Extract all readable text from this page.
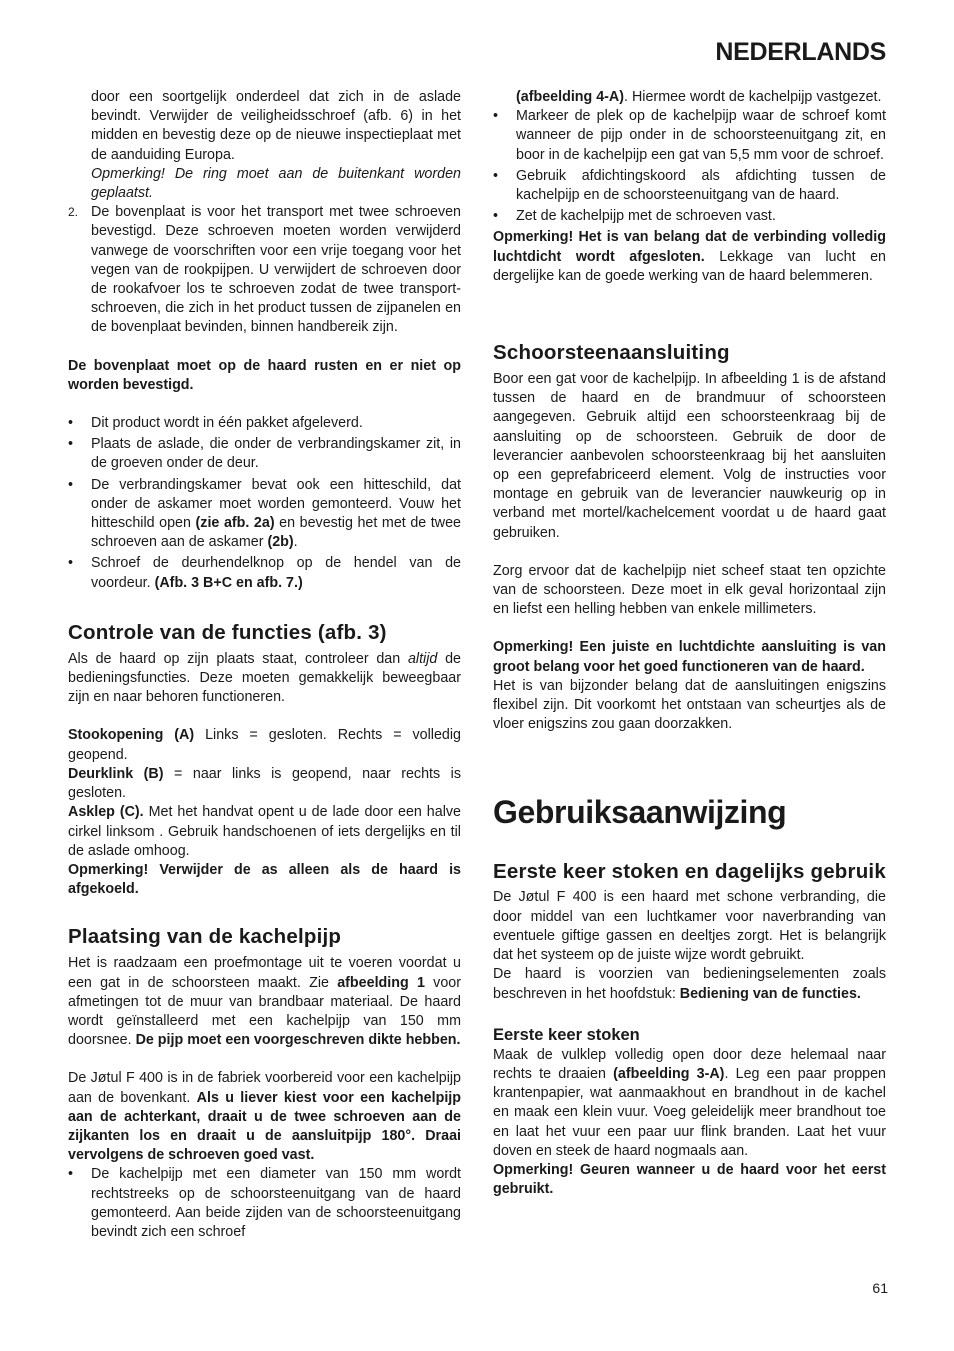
NEDERLANDS

door een soortgelijk onderdeel dat zich in de aslade bevindt. Verwijder de veiligheidsschroef (afb. 6) in het midden en bevestig deze op de nieuwe inspectieplaat met de aanduiding Europa.

Opmerking! De ring moet aan de buitenkant worden geplaatst.

2. De bovenplaat is voor het transport met twee schroeven bevestigd. Deze schroeven moeten worden verwijderd vanwege de voorschriften voor een vrije toegang voor het vegen van de rookpijpen. U verwijdert de schroeven door de rookafvoer los te schroeven zodat de twee transport-schroeven, die zich in het product tussen de zijpanelen en de bovenplaat bevinden, binnen handbereik zijn.

De bovenplaat moet op de haard rusten en er niet op worden bevestigd.

• Dit product wordt in één pakket afgeleverd.
• Plaats de aslade, die onder de verbrandingskamer zit, in de groeven onder de deur.
• De verbrandingskamer bevat ook een hitteschild, dat onder de askamer moet worden gemonteerd. Vouw het hitteschild open (zie afb. 2a) en bevestig het met de twee schroeven aan de askamer (2b).
• Schroef de deurhendelknop op de hendel van de voordeur. (Afb. 3 B+C en afb. 7.)
Controle van de functies (afb. 3)

Als de haard op zijn plaats staat, controleer dan altijd de bedieningsfuncties. Deze moeten gemakkelijk beweegbaar zijn en naar behoren functioneren.

Stookopening (A) Links = gesloten. Rechts = volledig geopend.

Deurklink (B) = naar links is geopend, naar rechts is gesloten.

Asklep (C). Met het handvat opent u de lade door een halve cirkel linksom . Gebruik handschoenen of iets dergelijks en til de aslade omhoog.

Opmerking! Verwijder de as alleen als de haard is afgekoeld.

Plaatsing van de kachelpijp

Het is raadzaam een proefmontage uit te voeren voordat u een gat in de schoorsteen maakt. Zie afbeelding 1 voor afmetingen tot de muur van brandbaar materiaal. De haard wordt geïnstalleerd met een kachelpijp van 150 mm doorsnee. De pijp moet een voorgeschreven dikte hebben.

De Jøtul F 400 is in de fabriek voorbereid voor een kachelpijp aan de bovenkant. Als u liever kiest voor een kachelpijp aan de achterkant, draait u de twee schroeven aan de zijkanten los en draait u de aansluitpijp 180°. Draai vervolgens de schroeven goed vast.

• De kachelpijp met een diameter van 150 mm wordt rechtstreeks op de schoorsteenuitgang van de haard gemonteerd. Aan beide zijden van de schoorsteenuitgang bevindt zich een schroef

(afbeelding 4-A). Hiermee wordt de kachelpijp vastgezet.

• Markeer de plek op de kachelpijp waar de schroef komt wanneer de pijp onder in de schoorsteenuitgang zit, en boor in de kachelpijp een gat van 5,5 mm voor de schroef.
• Gebruik afdichtingskoord als afdichting tussen de kachelpijp en de schoorsteenuitgang van de haard.
• Zet de kachelpijp met de schroeven vast.

Opmerking! Het is van belang dat de verbinding volledig luchtdicht wordt afgesloten. Lekkage van lucht en dergelijke kan de goede werking van de haard belemmeren.

Schoorsteenaansluiting

Boor een gat voor de kachelpijp. In afbeelding 1 is de afstand tussen de haard en de brandmuur of schoorsteen aangegeven. Gebruik altijd een schoorsteenkraag bij de aansluiting op de schoorsteen. Gebruik de door de leverancier aanbevolen schoorsteenkraag bij het aansluiten op een geprefabriceerd element. Volg de instructies voor montage en gebruik van de leverancier nauwkeurig op in verband met mortel/kachelcement voordat u de haard gaat gebruiken.

Zorg ervoor dat de kachelpijp niet scheef staat ten opzichte van de schoorsteen. Deze moet in elk geval horizontaal zijn en liefst een helling hebben van enkele millimeters.

Opmerking! Een juiste en luchtdichte aansluiting is van groot belang voor het goed functioneren van de haard.

Het is van bijzonder belang dat de aansluitingen enigszins flexibel zijn. Dit voorkomt het ontstaan van scheurtjes als de vloer enigszins zou gaan doorzakken.

Gebruiksaanwijzing
Eerste keer stoken en dagelijks gebruik

De Jøtul F 400 is een haard met schone verbranding, die door middel van een luchtkamer voor naverbranding van eventuele giftige gassen en deeltjes zorgt. Het is belangrijk dat het systeem op de juiste wijze wordt gebruikt.

De haard is voorzien van bedieningselementen zoals beschreven in het hoofdstuk: Bediening van de functies.

Eerste keer stoken

Maak de vulklep volledig open door deze helemaal naar rechts te draaien (afbeelding 3-A). Leg een paar proppen krantenpapier, wat aanmaakhout en brandhout in de kachel en maak een klein vuur. Voeg geleidelijk meer brandhout toe en laat het vuur een paar uur flink branden. Laat het vuur doven en steek de haard nogmaals aan.

Opmerking! Geuren wanneer u de haard voor het eerst gebruikt.

61
